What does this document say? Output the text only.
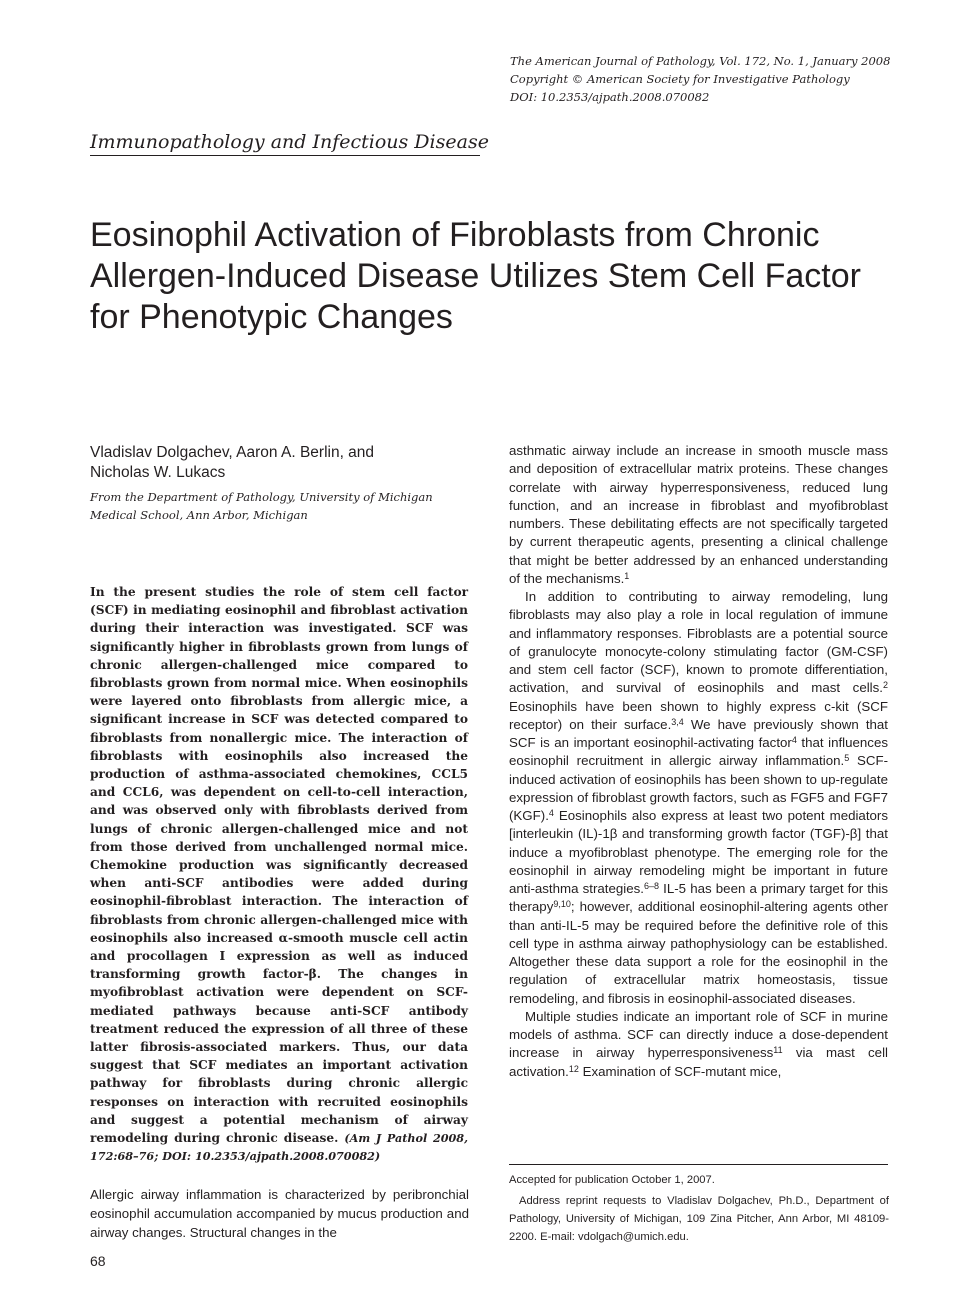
The American Journal of Pathology, Vol. 172, No. 1, January 2008
Copyright © American Society for Investigative Pathology
DOI: 10.2353/ajpath.2008.070082
Immunopathology and Infectious Disease
Eosinophil Activation of Fibroblasts from Chronic Allergen-Induced Disease Utilizes Stem Cell Factor for Phenotypic Changes
Vladislav Dolgachev, Aaron A. Berlin, and
Nicholas W. Lukacs
From the Department of Pathology, University of Michigan
Medical School, Ann Arbor, Michigan

In the present studies the role of stem cell factor (SCF) in mediating eosinophil and fibroblast activation during their interaction was investigated. SCF was significantly higher in fibroblasts grown from lungs of chronic allergen-challenged mice compared to fibroblasts grown from normal mice. When eosinophils were layered onto fibroblasts from allergic mice, a significant increase in SCF was detected compared to fibroblasts from nonallergic mice. The interaction of fibroblasts with eosinophils also increased the production of asthma-associated chemokines, CCL5 and CCL6, was dependent on cell-to-cell interaction, and was observed only with fibroblasts derived from lungs of chronic allergen-challenged mice and not from those derived from unchallenged normal mice. Chemokine production was significantly decreased when anti-SCF antibodies were added during eosinophil-fibroblast interaction. The interaction of fibroblasts from chronic allergen-challenged mice with eosinophils also increased α-smooth muscle cell actin and procollagen I expression as well as induced transforming growth factor-β. The changes in myofibroblast activation were dependent on SCF-mediated pathways because anti-SCF antibody treatment reduced the expression of all three of these latter fibrosis-associated markers. Thus, our data suggest that SCF mediates an important activation pathway for fibroblasts during chronic allergic responses on interaction with recruited eosinophils and suggest a potential mechanism of airway remodeling during chronic disease. (Am J Pathol 2008, 172:68–76; DOI: 10.2353/ajpath.2008.070082)

Allergic airway inflammation is characterized by peribronchial eosinophil accumulation accompanied by mucus production and airway changes. Structural changes in the

asthmatic airway include an increase in smooth muscle mass and deposition of extracellular matrix proteins. These changes correlate with airway hyperresponsiveness, reduced lung function, and an increase in fibroblast and myofibroblast numbers. These debilitating effects are not specifically targeted by current therapeutic agents, presenting a clinical challenge that might be better addressed by an enhanced understanding of the mechanisms.$^1$

In addition to contributing to airway remodeling, lung fibroblasts may also play a role in local regulation of immune and inflammatory responses. Fibroblasts are a potential source of granulocyte monocyte-colony stimulating factor (GM-CSF) and stem cell factor (SCF), known to promote differentiation, activation, and survival of eosinophils and mast cells.$^2$ Eosinophils have been shown to highly express c-kit (SCF receptor) on their surface.$^{3,4}$ We have previously shown that SCF is an important eosinophil-activating factor$^4$ that influences eosinophil recruitment in allergic airway inflammation.$^5$ SCF-induced activation of eosinophils has been shown to up-regulate expression of fibroblast growth factors, such as FGF5 and FGF7 (KGF).$^4$ Eosinophils also express at least two potent mediators [interleukin (IL)-1β and transforming growth factor (TGF)-β] that induce a myofibroblast phenotype. The emerging role for the eosinophil in airway remodeling might be important in future anti-asthma strategies.$^{6-8}$ IL-5 has been a primary target for this therapy$^{9,10}$; however, additional eosinophil-altering agents other than anti-IL-5 may be required before the definitive role of this cell type in asthma airway pathophysiology can be established. Altogether these data support a role for the eosinophil in the regulation of extracellular matrix homeostasis, tissue remodeling, and fibrosis in eosinophil-associated diseases.

Multiple studies indicate an important role of SCF in murine models of asthma. SCF can directly induce a dose-dependent increase in airway hyperresponsiveness$^{11}$ via mast cell activation.$^{12}$ Examination of SCF-mutant mice,

Accepted for publication October 1, 2007.
Address reprint requests to Vladislav Dolgachev, Ph.D., Department of Pathology, University of Michigan, 109 Zina Pitcher, Ann Arbor, MI 48109-2200. E-mail: vdolgach@umich.edu.
68
